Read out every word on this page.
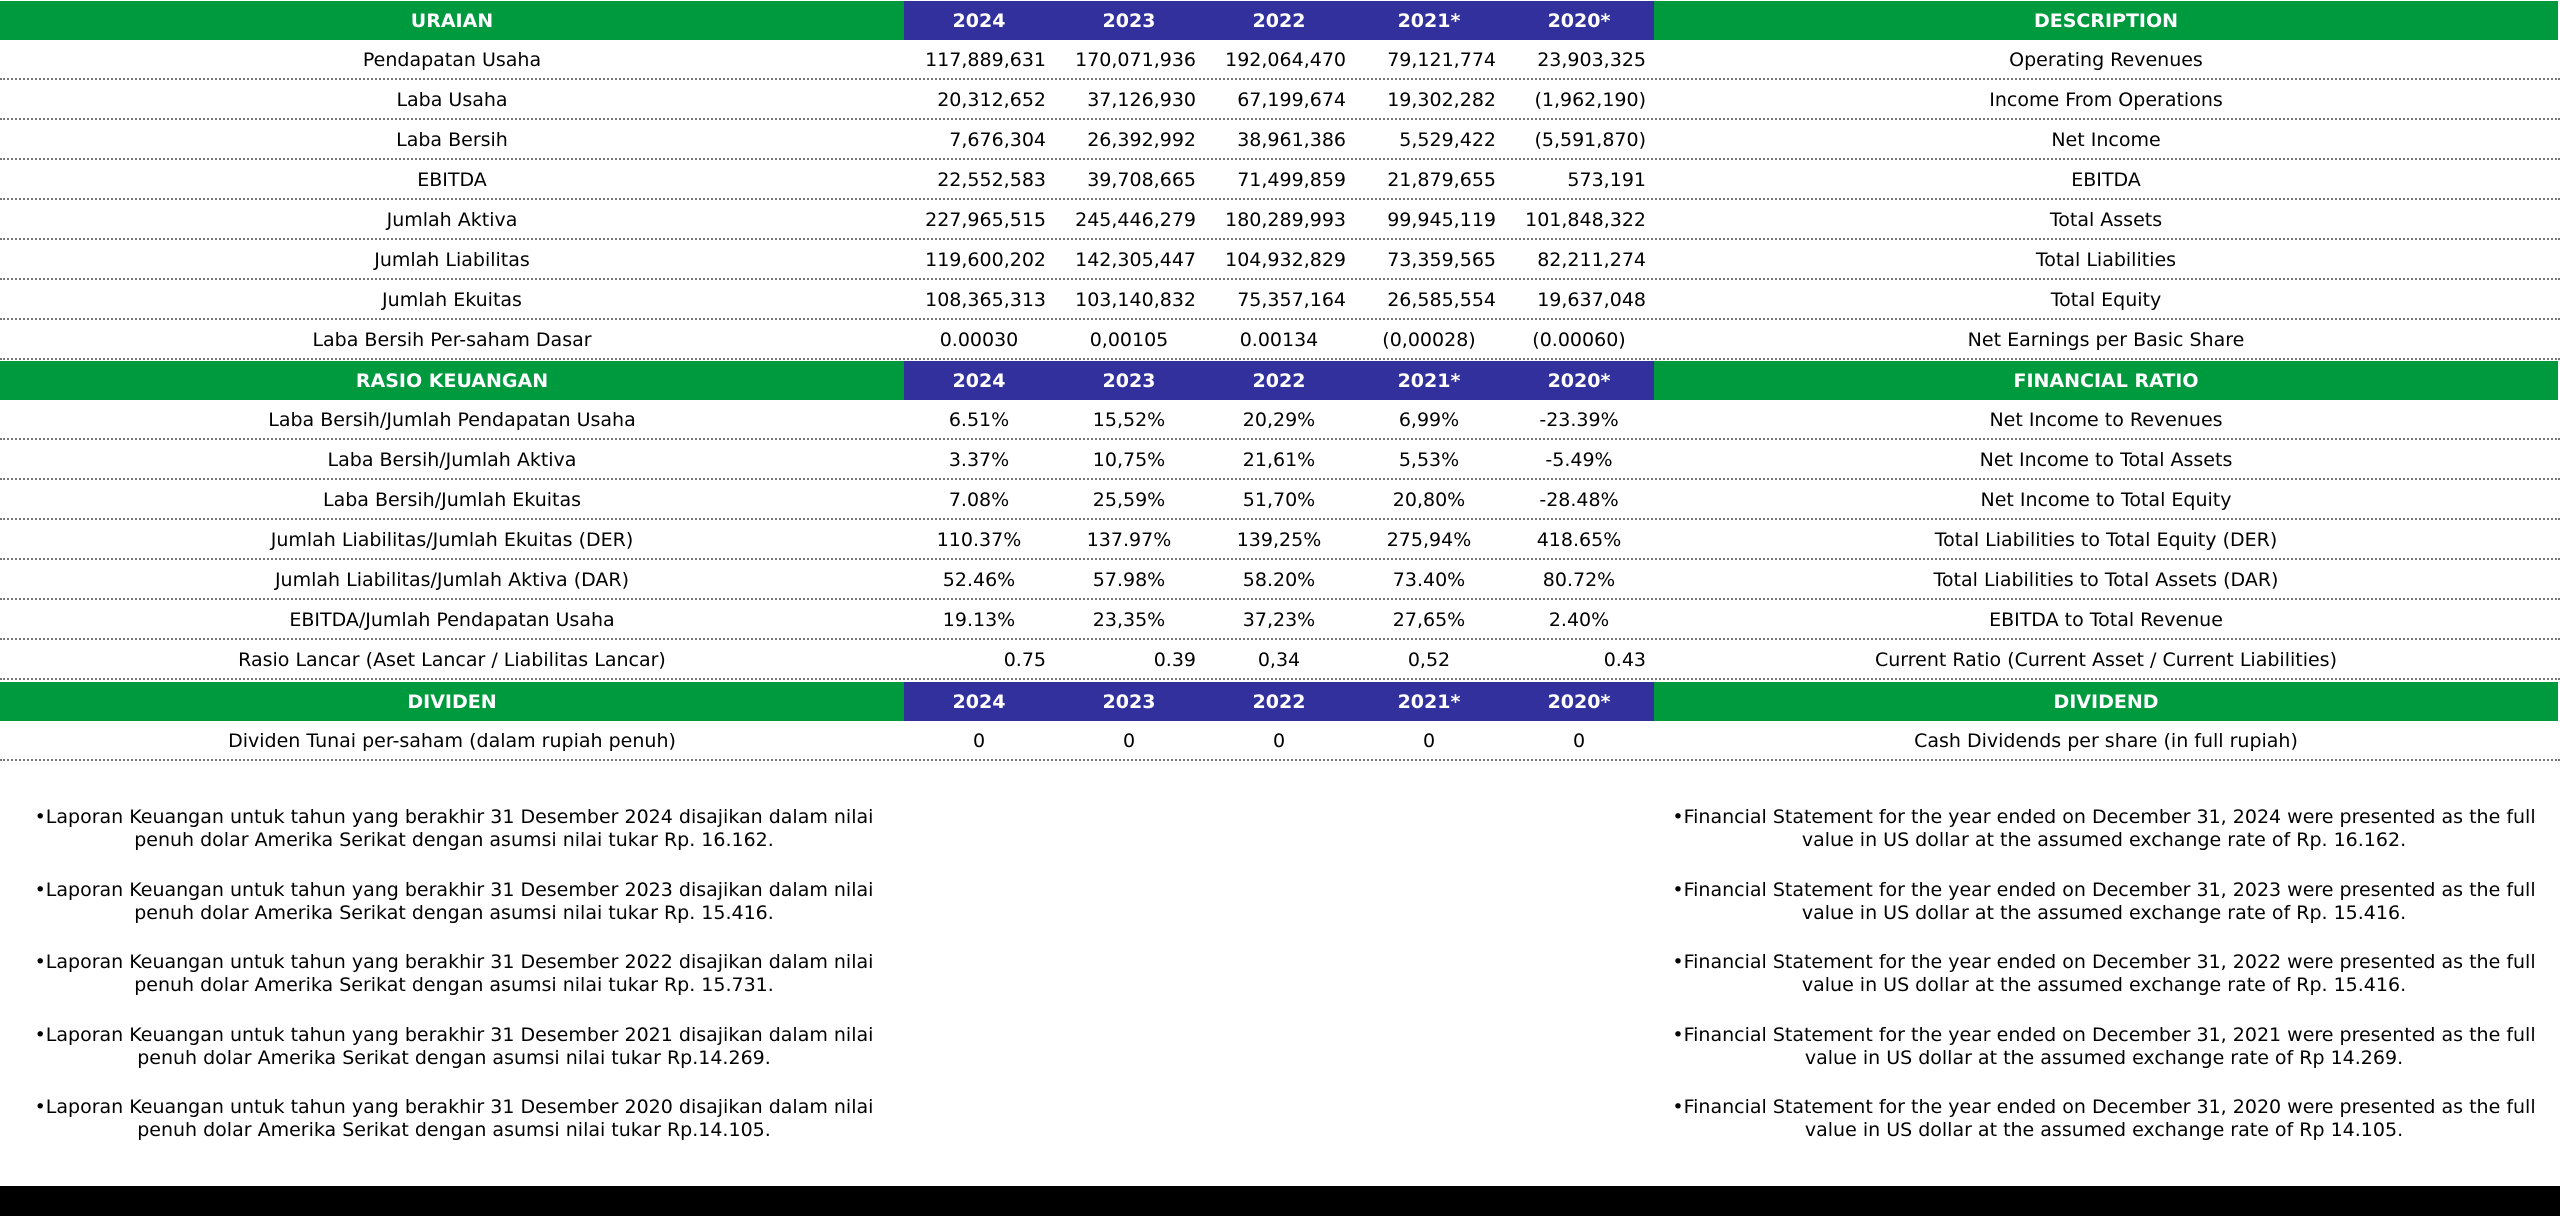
URAIAN	2024	2023	2022	2021*	2020*	DESCRIPTION
Pendapatan Usaha	117,889,631	170,071,936	192,064,470	79,121,774	23,903,325	Operating Revenues
Laba Usaha	20,312,652	37,126,930	67,199,674	19,302,282	(1,962,190)	Income From Operations
Laba Bersih	7,676,304	26,392,992	38,961,386	5,529,422	(5,591,870)	Net Income
EBITDA	22,552,583	39,708,665	71,499,859	21,879,655	573,191	EBITDA
Jumlah Aktiva	227,965,515	245,446,279	180,289,993	99,945,119	101,848,322	Total Assets
Jumlah Liabilitas	119,600,202	142,305,447	104,932,829	73,359,565	82,211,274	Total Liabilities
Jumlah Ekuitas	108,365,313	103,140,832	75,357,164	26,585,554	19,637,048	Total Equity
Laba Bersih Per-saham Dasar	0.00030	0,00105	0.00134	(0,00028)	(0.00060)	Net Earnings per Basic Share
RASIO KEUANGAN	2024	2023	2022	2021*	2020*	FINANCIAL RATIO
Laba Bersih/Jumlah Pendapatan Usaha	6.51%	15,52%	20,29%	6,99%	-23.39%	Net Income to Revenues
Laba Bersih/Jumlah Aktiva	3.37%	10,75%	21,61%	5,53%	-5.49%	Net Income to Total Assets
Laba Bersih/Jumlah Ekuitas	7.08%	25,59%	51,70%	20,80%	-28.48%	Net Income to Total Equity
Jumlah Liabilitas/Jumlah Ekuitas (DER)	110.37%	137.97%	139,25%	275,94%	418.65%	Total Liabilities to Total Equity (DER)
Jumlah Liabilitas/Jumlah Aktiva (DAR)	52.46%	57.98%	58.20%	73.40%	80.72%	Total Liabilities to Total Assets (DAR)
EBITDA/Jumlah Pendapatan Usaha	19.13%	23,35%	37,23%	27,65%	2.40%	EBITDA to Total Revenue
Rasio Lancar (Aset Lancar / Liabilitas Lancar)	0.75	0.39	0,34	0,52	0.43	Current Ratio (Current Asset / Current Liabilities)
DIVIDEN	2024	2023	2022	2021*	2020*	DIVIDEND
Dividen Tunai per-saham (dalam rupiah penuh)	0	0	0	0	0	Cash Dividends per share (in full rupiah)
•Laporan Keuangan untuk tahun yang berakhir 31 Desember 2024 disajikan dalam nilai penuh dolar Amerika Serikat dengan asumsi nilai tukar Rp. 16.162.
•Laporan Keuangan untuk tahun yang berakhir 31 Desember 2023 disajikan dalam nilai penuh dolar Amerika Serikat dengan asumsi nilai tukar Rp. 15.416.
•Laporan Keuangan untuk tahun yang berakhir 31 Desember 2022 disajikan dalam nilai penuh dolar Amerika Serikat dengan asumsi nilai tukar Rp. 15.731.
•Laporan Keuangan untuk tahun yang berakhir 31 Desember 2021 disajikan dalam nilai penuh dolar Amerika Serikat dengan asumsi nilai tukar Rp.14.269.
•Laporan Keuangan untuk tahun yang berakhir 31 Desember 2020 disajikan dalam nilai penuh dolar Amerika Serikat dengan asumsi nilai tukar Rp.14.105.
•Financial Statement for the year ended on December 31, 2024 were presented as the full value in US dollar at the assumed exchange rate of Rp. 16.162.
•Financial Statement for the year ended on December 31, 2023 were presented as the full value in US dollar at the assumed exchange rate of Rp. 15.416.
•Financial Statement for the year ended on December 31, 2022 were presented as the full value in US dollar at the assumed exchange rate of Rp. 15.416.
•Financial Statement for the year ended on December 31, 2021 were presented as the full value in US dollar at the assumed exchange rate of Rp 14.269.
•Financial Statement for the year ended on December 31, 2020 were presented as the full value in US dollar at the assumed exchange rate of Rp 14.105.
